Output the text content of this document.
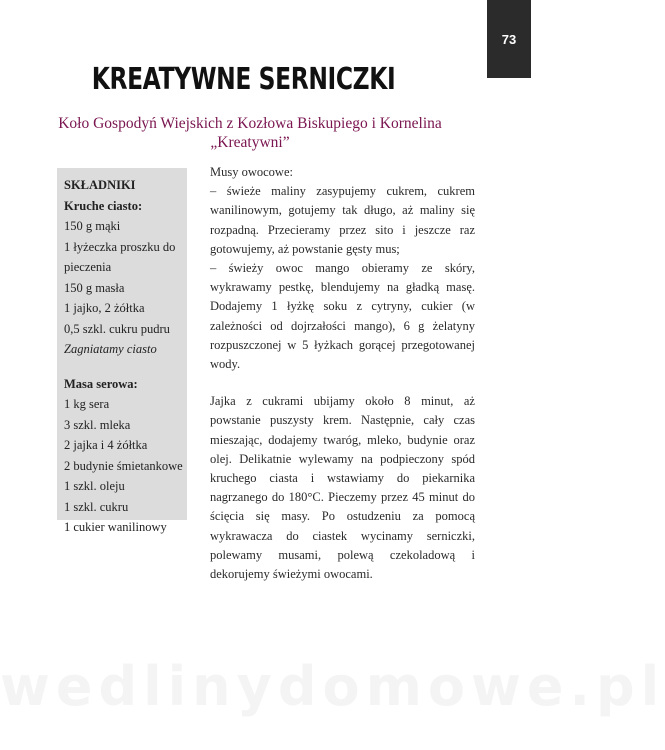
73
KREATYWNE SERNICZKI
Koło Gospodyń Wiejskich z Kozłowa Biskupiego i Kornelina
„Kreatywni”
SKŁADNIKI
Kruche ciasto:
150 g mąki
1 łyżeczka proszku do
pieczenia
150 g masła
1 jajko, 2 żółtka
0,5 szkl. cukru pudru
Zagniatamy ciasto
Masa serowa:
1 kg sera
3 szkl. mleka
2 jajka i 4 żółtka
2 budynie śmietankowe
1 szkl. oleju
1 szkl. cukru
1 cukier wanilinowy

Musy owocowe:
– świeże maliny zasypujemy cukrem, cukrem wanilinowym, gotujemy tak długo, aż maliny się rozpadną. Przecieramy przez sito i jeszcze raz gotowujemy, aż powstanie gęsty mus;
– świeży owoc mango obieramy ze skóry, wykrawamy pestkę, blendujemy na gładką masę. Dodajemy 1 łyżkę soku z cytryny, cukier (w zależności od dojrzałości mango), 6 g żelatyny rozpuszczonej w 5 łyżkach gorącej przegotowanej wody.

Jajka z cukrami ubijamy około 8 minut, aż powstanie puszysty krem. Następnie, cały czas mieszając, dodajemy twaróg, mleko, budynie oraz olej. Delikatnie wylewamy na podpieczony spód kruchego ciasta i wstawiamy do piekarnika nagrzanego do 180°C. Pieczemy przez 45 minut do ścięcia się masy. Po ostudzeniu za pomocą wykrawacza do ciastek wycinamy serniczki, polewamy musami, polewą czekoladową i dekorujemy świeżymi owocami.

wedlinydomowe.pl
